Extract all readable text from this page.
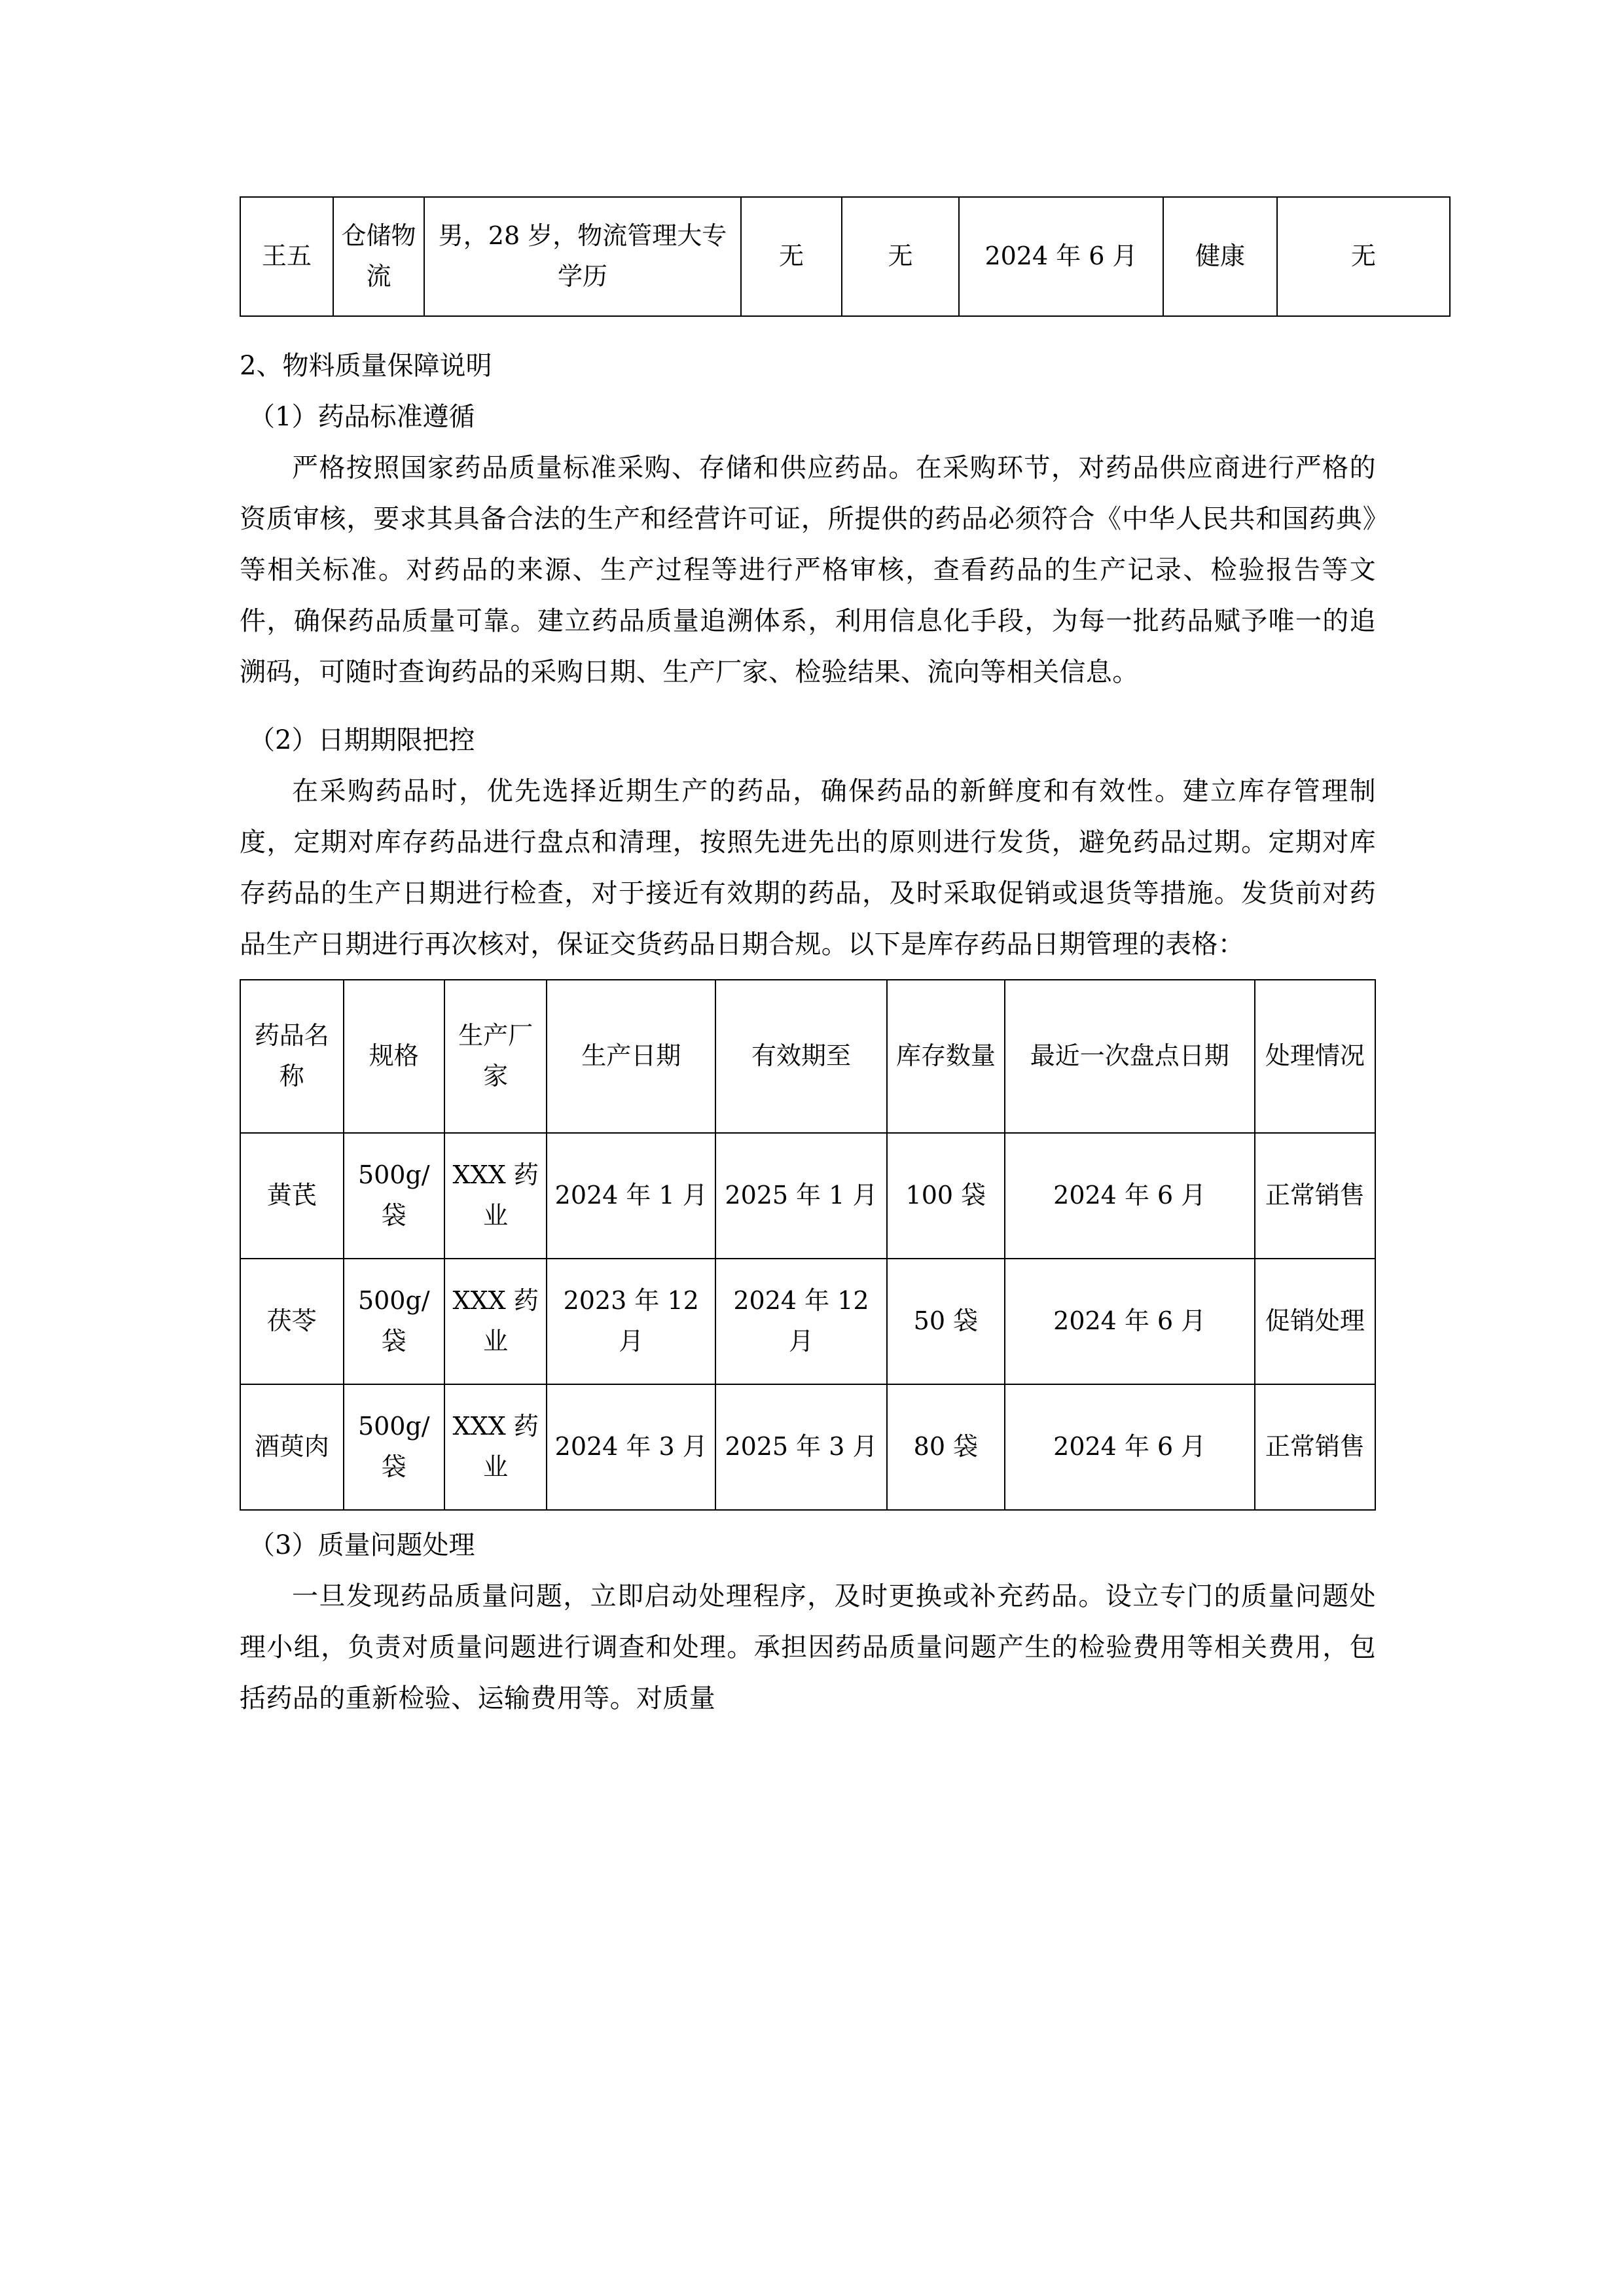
王五	仓储物流	男，28 岁，物流管理大专学历	无	无	2024 年 6 月	健康	无

2、物料质量保障说明

（1）药品标准遵循

严格按照国家药品质量标准采购、存储和供应药品。在采购环节，对药品供应商进行严格的资质审核，要求其具备合法的生产和经营许可证，所提供的药品必须符合《中华人民共和国药典》等相关标准。对药品的来源、生产过程等进行严格审核，查看药品的生产记录、检验报告等文件，确保药品质量可靠。建立药品质量追溯体系，利用信息化手段，为每一批药品赋予唯一的追溯码，可随时查询药品的采购日期、生产厂家、检验结果、流向等相关信息。

（2）日期期限把控

在采购药品时，优先选择近期生产的药品，确保药品的新鲜度和有效性。建立库存管理制度，定期对库存药品进行盘点和清理，按照先进先出的原则进行发货，避免药品过期。定期对库存药品的生产日期进行检查，对于接近有效期的药品，及时采取促销或退货等措施。发货前对药品生产日期进行再次核对，保证交货药品日期合规。以下是库存药品日期管理的表格：

药品名称	规格	生产厂家	生产日期	有效期至	库存数量	最近一次盘点日期	处理情况
黄芪	500g/袋	XXX 药业	2024 年 1 月	2025 年 1 月	100 袋	2024 年 6 月	正常销售
茯苓	500g/袋	XXX 药业	2023 年 12 月	2024 年 12 月	50 袋	2024 年 6 月	促销处理
酒萸肉	500g/袋	XXX 药业	2024 年 3 月	2025 年 3 月	80 袋	2024 年 6 月	正常销售

（3）质量问题处理

一旦发现药品质量问题，立即启动处理程序，及时更换或补充药品。设立专门的质量问题处理小组，负责对质量问题进行调查和处理。承担因药品质量问题产生的检验费用等相关费用，包括药品的重新检验、运输费用等。对质量
